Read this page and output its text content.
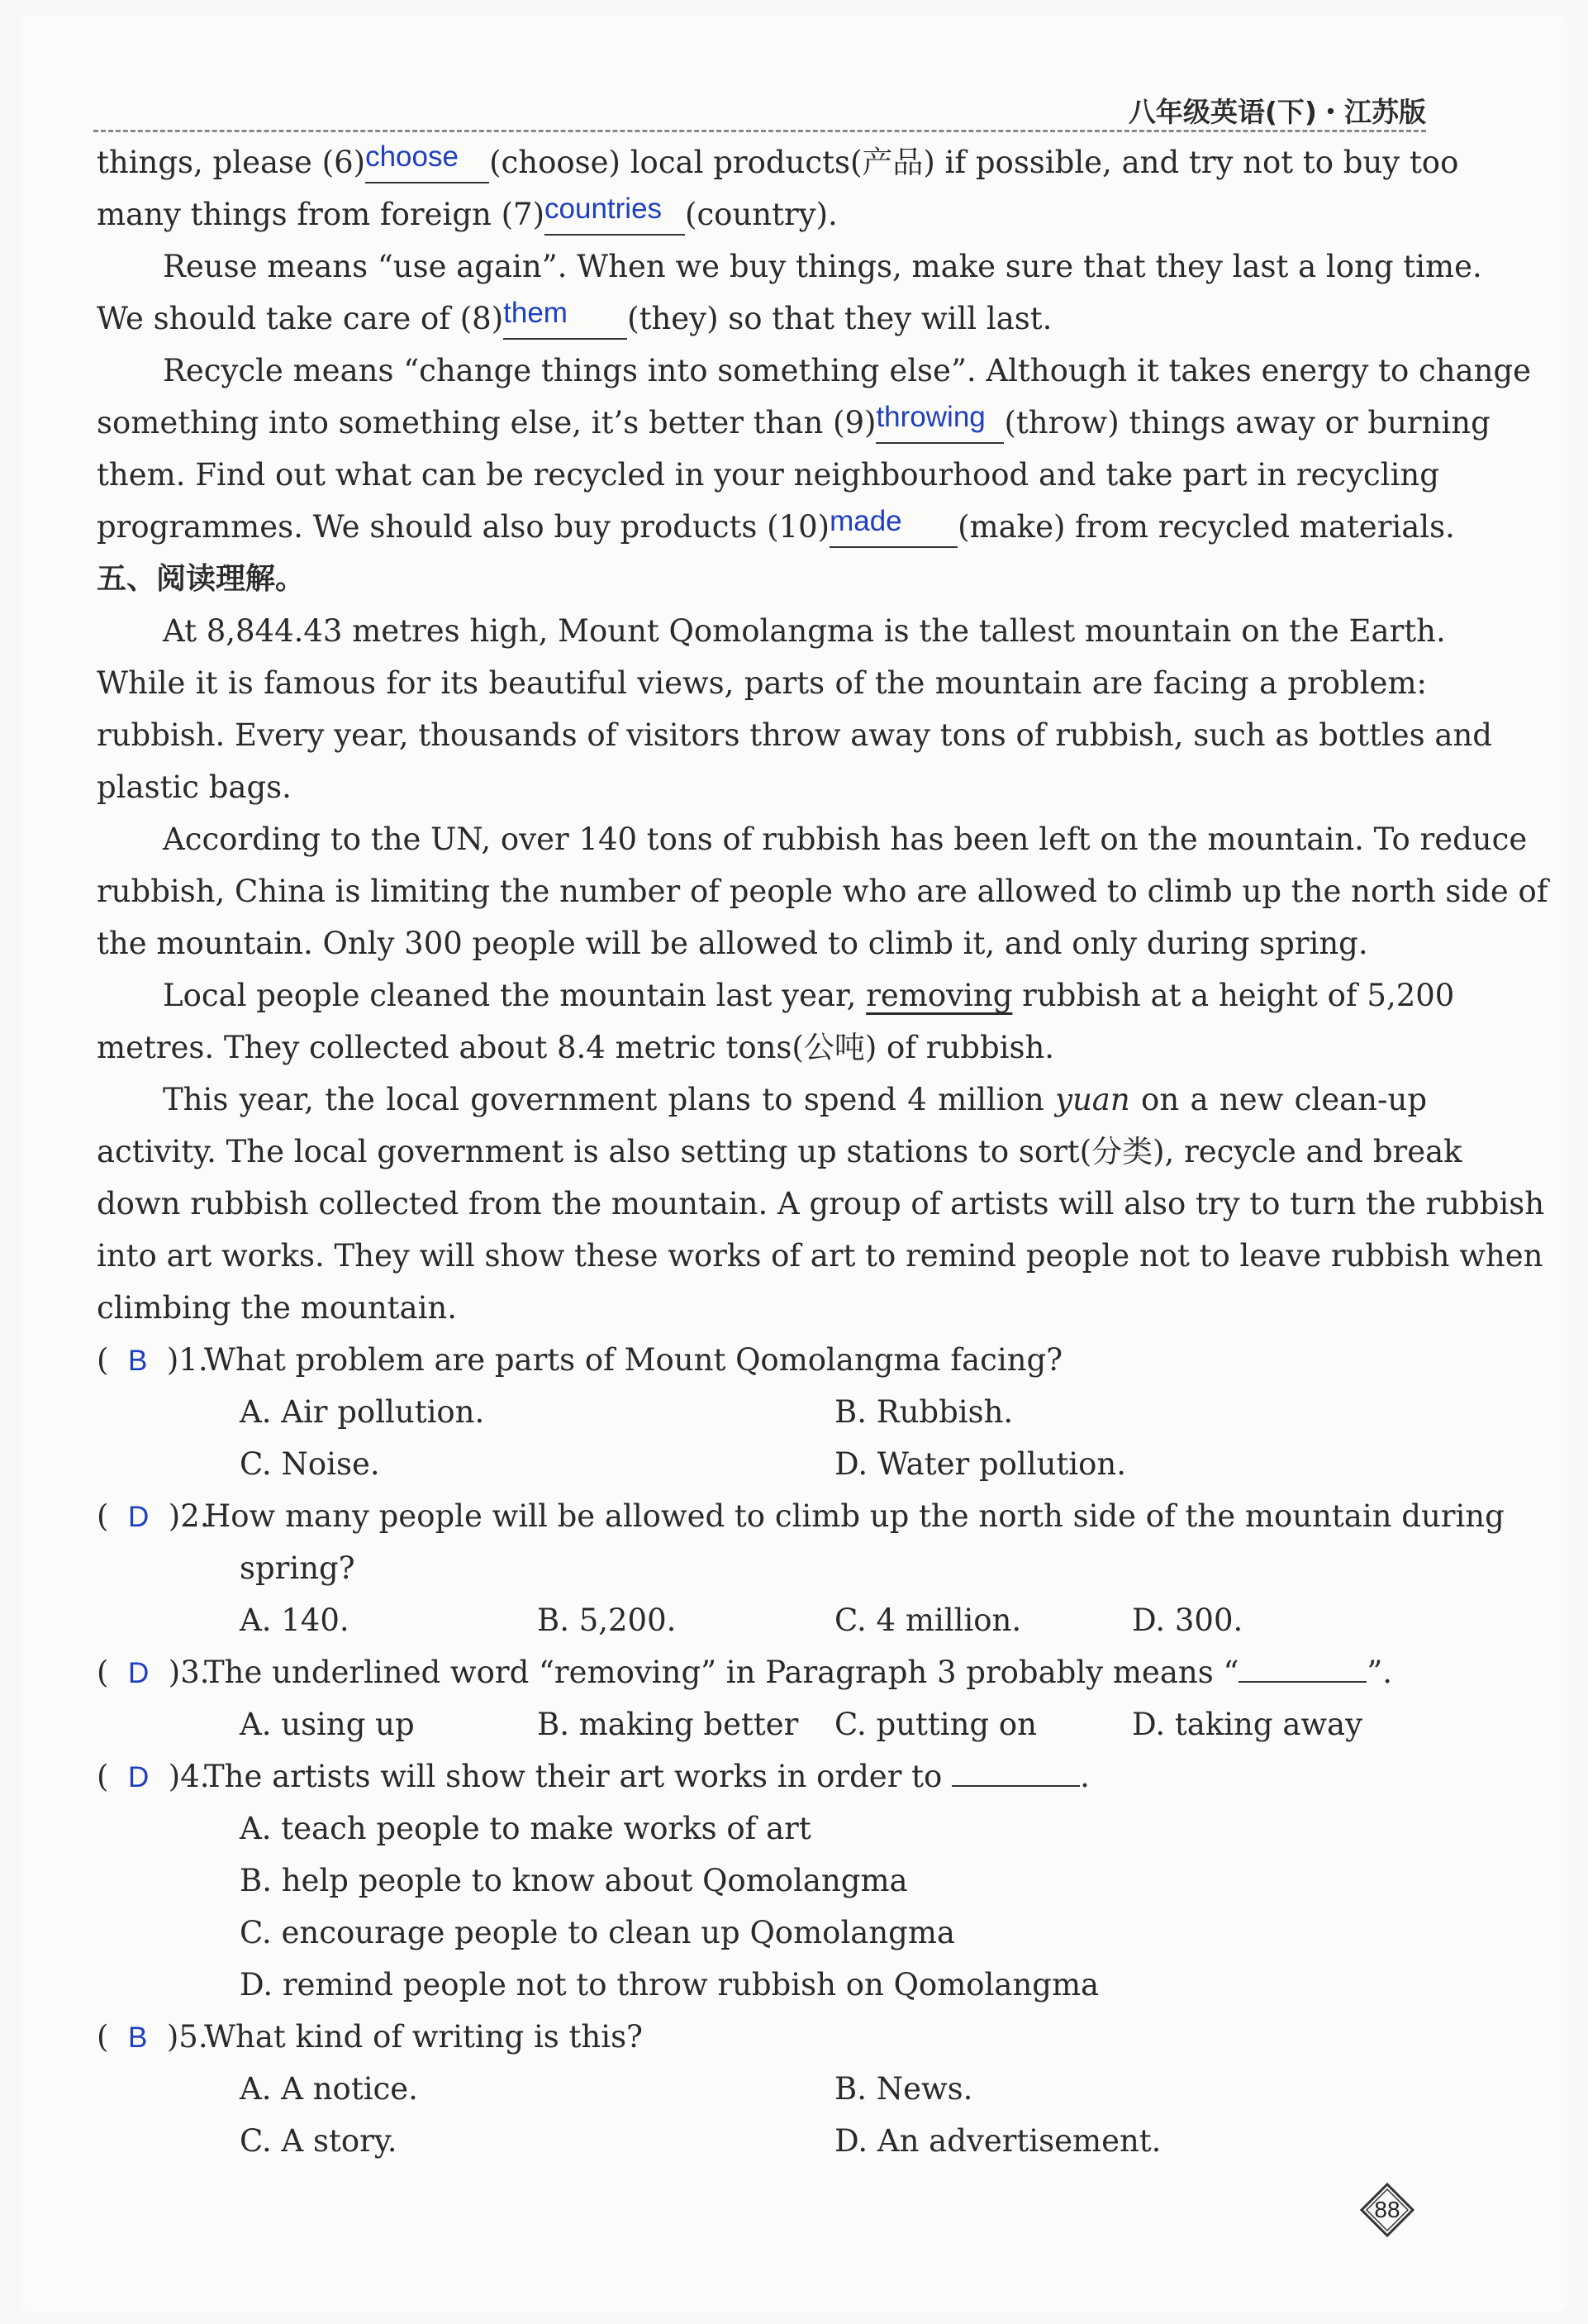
八年级英语(下)・江苏版
things, please (6)choose (choose) local products(产品) if possible, and try not to buy too
many things from foreign (7)countries (country).
Reuse means “use again”. When we buy things, make sure that they last a long time.
We should take care of (8)them (they) so that they will last.
Recycle means “change things into something else”. Although it takes energy to change
something into something else, it’s better than (9)throwing (throw) things away or burning
them. Find out what can be recycled in your neighbourhood and take part in recycling
programmes. We should also buy products (10)made (make) from recycled materials.
五、阅读理解。
At 8,844.43 metres high, Mount Qomolangma is the tallest mountain on the Earth.
While it is famous for its beautiful views, parts of the mountain are facing a problem:
rubbish. Every year, thousands of visitors throw away tons of rubbish, such as bottles and
plastic bags.
According to the UN, over 140 tons of rubbish has been left on the mountain. To reduce
rubbish, China is limiting the number of people who are allowed to climb up the north side of
the mountain. Only 300 people will be allowed to climb it, and only during spring.
Local people cleaned the mountain last year, removing rubbish at a height of 5,200
metres. They collected about 8.4 metric tons(公吨) of rubbish.
This year, the local government plans to spend 4 million yuan on a new clean-up
activity. The local government is also setting up stations to sort(分类), recycle and break
down rubbish collected from the mountain. A group of artists will also try to turn the rubbish
into art works. They will show these works of art to remind people not to leave rubbish when
climbing the mountain.
(  B )1.
What problem are parts of Mount Qomolangma facing?
A. Air pollution.	B. Rubbish.
C. Noise.	D. Water pollution.
(  D )2.
How many people will be allowed to climb up the north side of the mountain during
spring?
A. 140.	B. 5,200.	C. 4 million.	D. 300.
(  D )3.
The underlined word “removing” in Paragraph 3 probably means “	”.
A. using up	B. making better C. putting on	D. taking away
(  D )4.
The artists will show their art works in order to	.
A. teach people to make works of art
B. help people to know about Qomolangma
C. encourage people to clean up Qomolangma
D. remind people not to throw rubbish on Qomolangma
(  B )5.
What kind of writing is this?
A. A notice.	B. News.
C. A story.	D. An advertisement.
88
